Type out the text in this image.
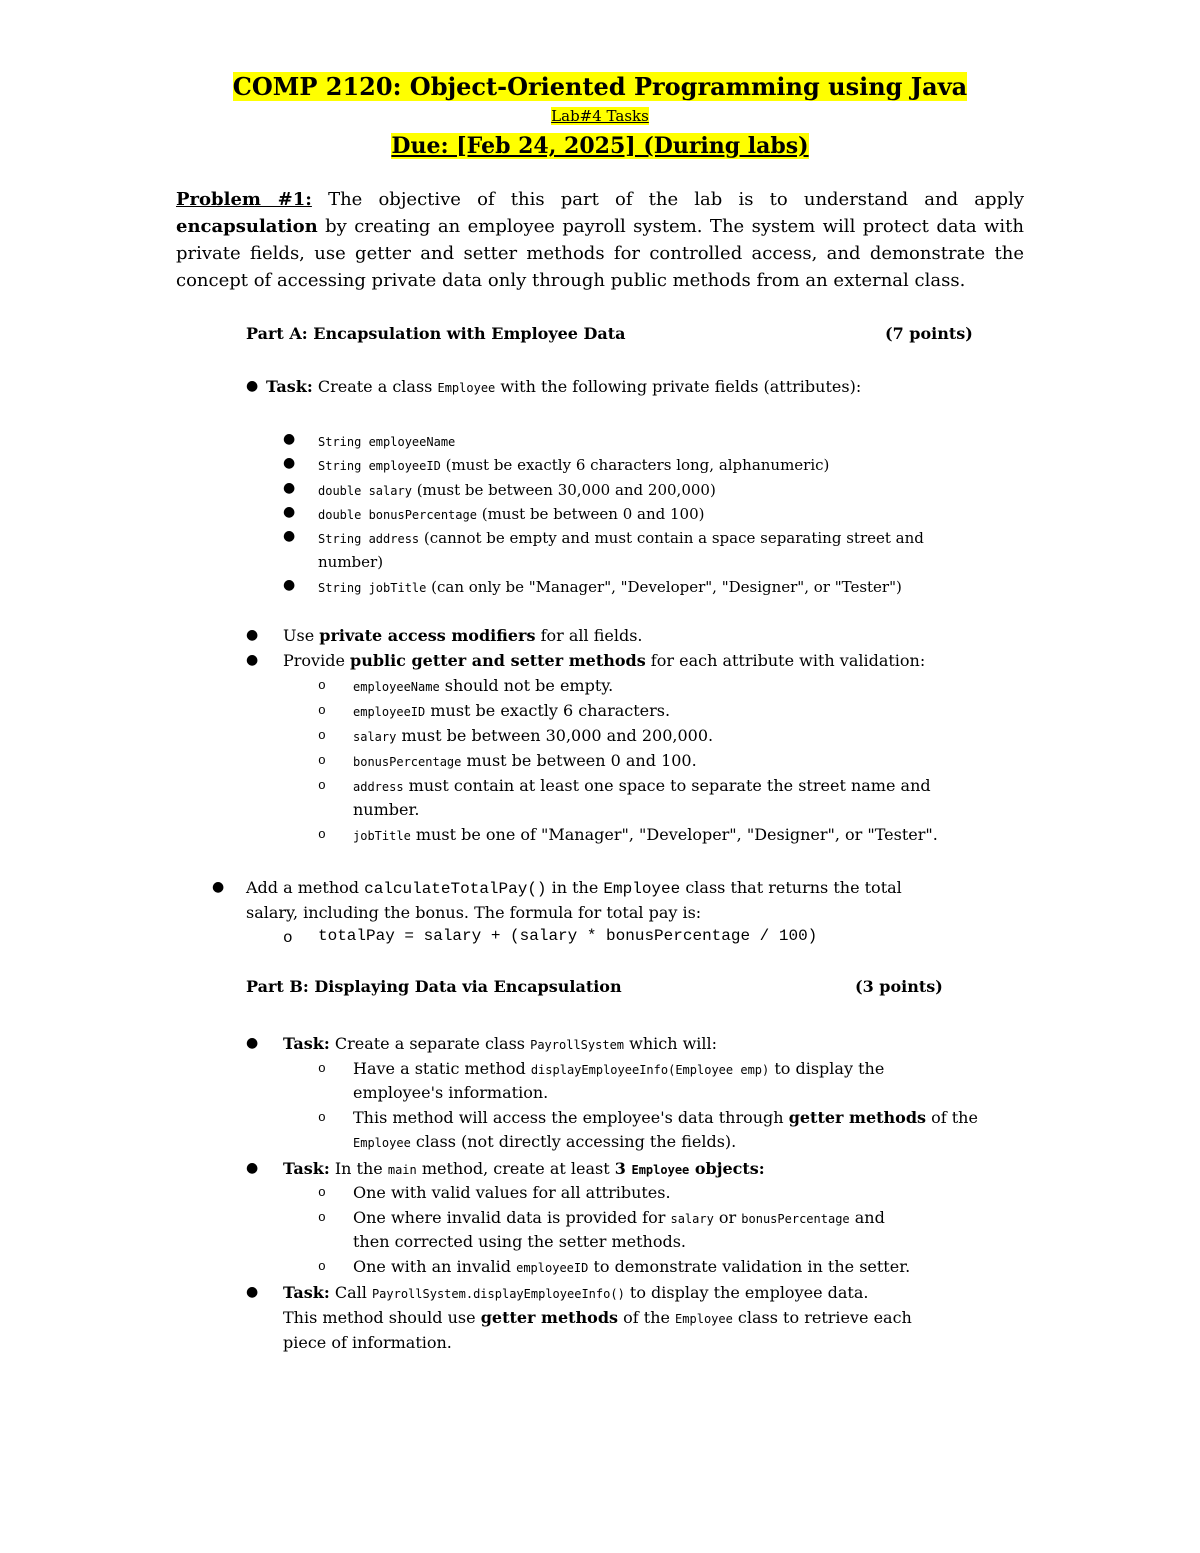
COMP 2120: Object-Oriented Programming using Java
Lab#4 Tasks
Due: [Feb 24, 2025] (During labs)
Problem #1: The objective of this part of the lab is to understand and apply encapsulation by creating an employee payroll system. The system will protect data with private fields, use getter and setter methods for controlled access, and demonstrate the concept of accessing private data only through public methods from an external class.
Part A: Encapsulation with Employee Data	(7 points)
● Task: Create a class Employee with the following private fields (attributes):
● String employeeName
● String employeeID (must be exactly 6 characters long, alphanumeric)
● double salary (must be between 30,000 and 200,000)
● double bonusPercentage (must be between 0 and 100)
● String address (cannot be empty and must contain a space separating street and
number)
● String jobTitle (can only be "Manager", "Developer", "Designer", or "Tester")
● Use private access modifiers for all fields.
● Provide public getter and setter methods for each attribute with validation:
o employeeName should not be empty.
o employeeID must be exactly 6 characters.
o salary must be between 30,000 and 200,000.
o bonusPercentage must be between 0 and 100.
o address must contain at least one space to separate the street name and
number.
o jobTitle must be one of "Manager", "Developer", "Designer", or "Tester".
● Add a method calculateTotalPay() in the Employee class that returns the total
salary, including the bonus. The formula for total pay is:
o totalPay = salary + (salary * bonusPercentage / 100)
Part B: Displaying Data via Encapsulation	(3 points)
● Task: Create a separate class PayrollSystem which will:
o Have a static method displayEmployeeInfo(Employee emp) to display the
employee's information.
o This method will access the employee's data through getter methods of the
Employee class (not directly accessing the fields).
● Task: In the main method, create at least 3 Employee objects:
o One with valid values for all attributes.
o One where invalid data is provided for salary or bonusPercentage and
then corrected using the setter methods.
o One with an invalid employeeID to demonstrate validation in the setter.
● Task: Call PayrollSystem.displayEmployeeInfo() to display the employee data.
This method should use getter methods of the Employee class to retrieve each
piece of information.
